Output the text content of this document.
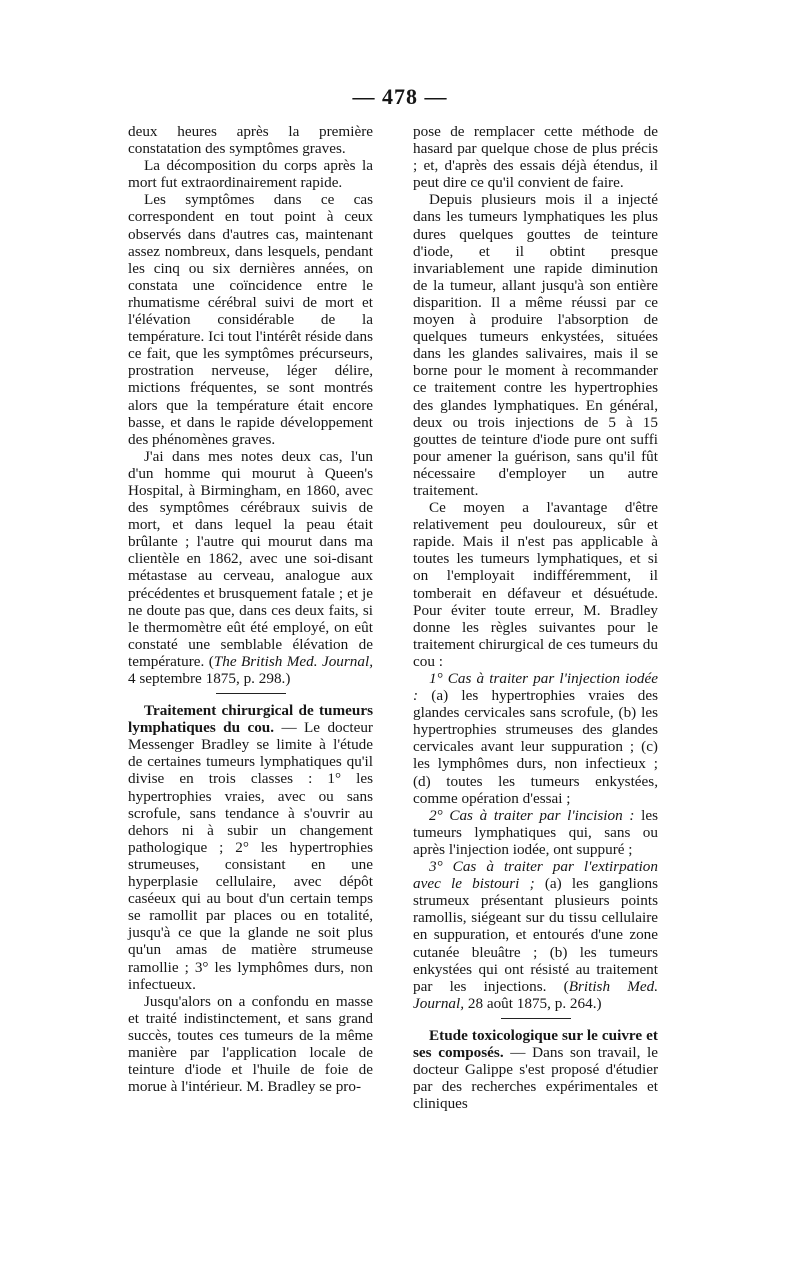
— 478 —

deux heures après la première constatation des symptômes graves.

La décomposition du corps après la mort fut extraordinairement rapide.

Les symptômes dans ce cas correspondent en tout point à ceux observés dans d'autres cas, maintenant assez nombreux, dans lesquels, pendant les cinq ou six dernières années, on constata une coïncidence entre le rhumatisme cérébral suivi de mort et l'élévation considérable de la température. Ici tout l'intérêt réside dans ce fait, que les symptômes précurseurs, prostration nerveuse, léger délire, mictions fréquentes, se sont montrés alors que la température était encore basse, et dans le rapide développement des phénomènes graves.

J'ai dans mes notes deux cas, l'un d'un homme qui mourut à Queen's Hospital, à Birmingham, en 1860, avec des symptômes cérébraux suivis de mort, et dans lequel la peau était brûlante ; l'autre qui mourut dans ma clientèle en 1862, avec une soi-disant métastase au cerveau, analogue aux précédentes et brusquement fatale ; et je ne doute pas que, dans ces deux faits, si le thermomètre eût été employé, on eût constaté une semblable élévation de température. (The British Med. Journal, 4 septembre 1875, p. 298.)

Traitement chirurgical de tumeurs lymphatiques du cou. — Le docteur Messenger Bradley se limite à l'étude de certaines tumeurs lymphatiques qu'il divise en trois classes : 1° les hypertrophies vraies, avec ou sans scrofule, sans tendance à s'ouvrir au dehors ni à subir un changement pathologique ; 2° les hypertrophies strumeuses, consistant en une hyperplasie cellulaire, avec dépôt caséeux qui au bout d'un certain temps se ramollit par places ou en totalité, jusqu'à ce que la glande ne soit plus qu'un amas de matière strumeuse ramollie ; 3° les lymphômes durs, non infectueux.

Jusqu'alors on a confondu en masse et traité indistinctement, et sans grand succès, toutes ces tumeurs de la même manière par l'application locale de teinture d'iode et l'huile de foie de morue à l'intérieur. M. Bradley se pro-

pose de remplacer cette méthode de hasard par quelque chose de plus précis ; et, d'après des essais déjà étendus, il peut dire ce qu'il convient de faire.

Depuis plusieurs mois il a injecté dans les tumeurs lymphatiques les plus dures quelques gouttes de teinture d'iode, et il obtint presque invariablement une rapide diminution de la tumeur, allant jusqu'à son entière disparition. Il a même réussi par ce moyen à produire l'absorption de quelques tumeurs enkystées, situées dans les glandes salivaires, mais il se borne pour le moment à recommander ce traitement contre les hypertrophies des glandes lymphatiques. En général, deux ou trois injections de 5 à 15 gouttes de teinture d'iode pure ont suffi pour amener la guérison, sans qu'il fût nécessaire d'employer un autre traitement.

Ce moyen a l'avantage d'être relativement peu douloureux, sûr et rapide. Mais il n'est pas applicable à toutes les tumeurs lymphatiques, et si on l'employait indifféremment, il tomberait en défaveur et désuétude. Pour éviter toute erreur, M. Bradley donne les règles suivantes pour le traitement chirurgical de ces tumeurs du cou :

1° Cas à traiter par l'injection iodée : (a) les hypertrophies vraies des glandes cervicales sans scrofule, (b) les hypertrophies strumeuses des glandes cervicales avant leur suppuration ; (c) les lymphômes durs, non infectieux ; (d) toutes les tumeurs enkystées, comme opération d'essai ;

2° Cas à traiter par l'incision : les tumeurs lymphatiques qui, sans ou après l'injection iodée, ont suppuré ;

3° Cas à traiter par l'extirpation avec le bistouri ; (a) les ganglions strumeux présentant plusieurs points ramollis, siégeant sur du tissu cellulaire en suppuration, et entourés d'une zone cutanée bleuâtre ; (b) les tumeurs enkystées qui ont résisté au traitement par les injections. (British Med. Journal, 28 août 1875, p. 264.)

Etude toxicologique sur le cuivre et ses composés. — Dans son travail, le docteur Galippe s'est proposé d'étudier par des recherches expérimentales et cliniques
